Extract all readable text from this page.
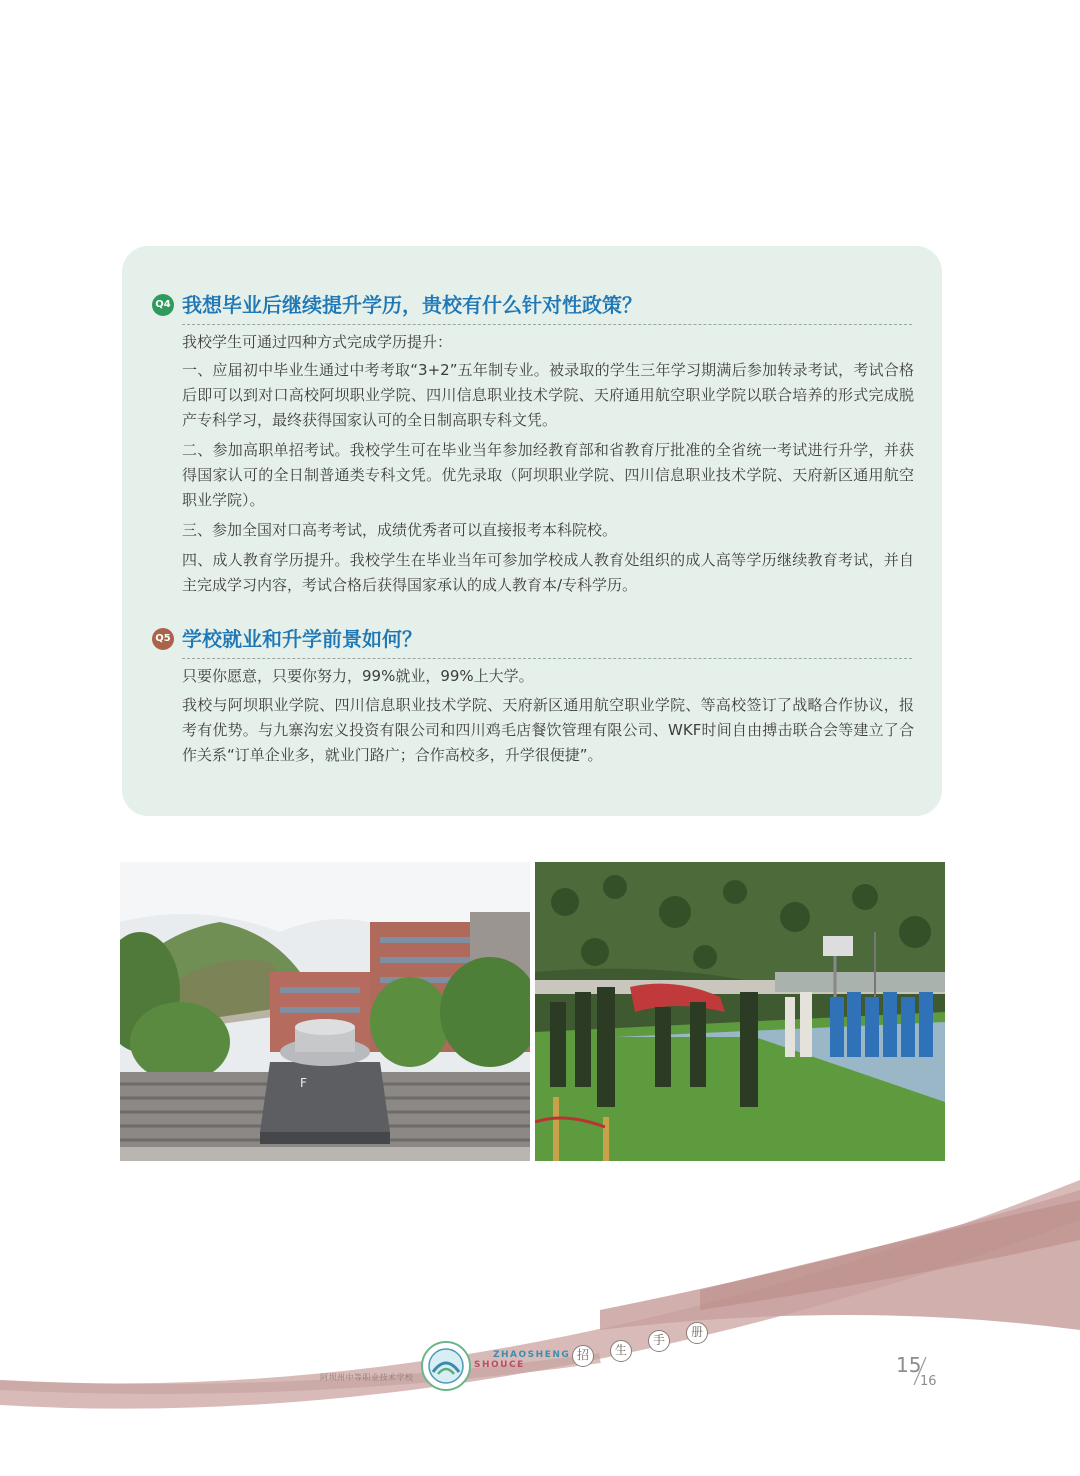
Q4 我想毕业后继续提升学历，贵校有什么针对性政策？
我校学生可通过四种方式完成学历提升：
一、应届初中毕业生通过中考考取“3+2”五年制专业。被录取的学生三年学习期满后参加转录考试，考试合格后即可以到对口高校阿坝职业学院、四川信息职业技术学院、天府通用航空职业学院以联合培养的形式完成脱产专科学习，最终获得国家认可的全日制高职专科文凭。
二、参加高职单招考试。我校学生可在毕业当年参加经教育部和省教育厅批准的全省统一考试进行升学，并获得国家认可的全日制普通类专科文凭。优先录取（阿坝职业学院、四川信息职业技术学院、天府新区通用航空职业学院）。
三、参加全国对口高考考试，成绩优秀者可以直接报考本科院校。
四、成人教育学历提升。我校学生在毕业当年可参加学校成人教育处组织的成人高等学历继续教育考试，并自主完成学习内容，考试合格后获得国家承认的成人教育本/专科学历。
Q5 学校就业和升学前景如何？
只要你愿意，只要你努力，99%就业，99%上大学。
我校与阿坝职业学院、四川信息职业技术学院、天府新区通用航空职业学院、等高校签订了战略合作协议，报考有优势。与九寨沟宏义投资有限公司和四川鸡毛店餐饮管理有限公司、WKF时间自由搏击联合会等建立了合作关系“订单企业多，就业门路广；合作高校多，升学很便捷”。
F
阿坝州中等职业技术学校
ZHAOSHENG
SHOUCE
招	生
手
册
15
16
